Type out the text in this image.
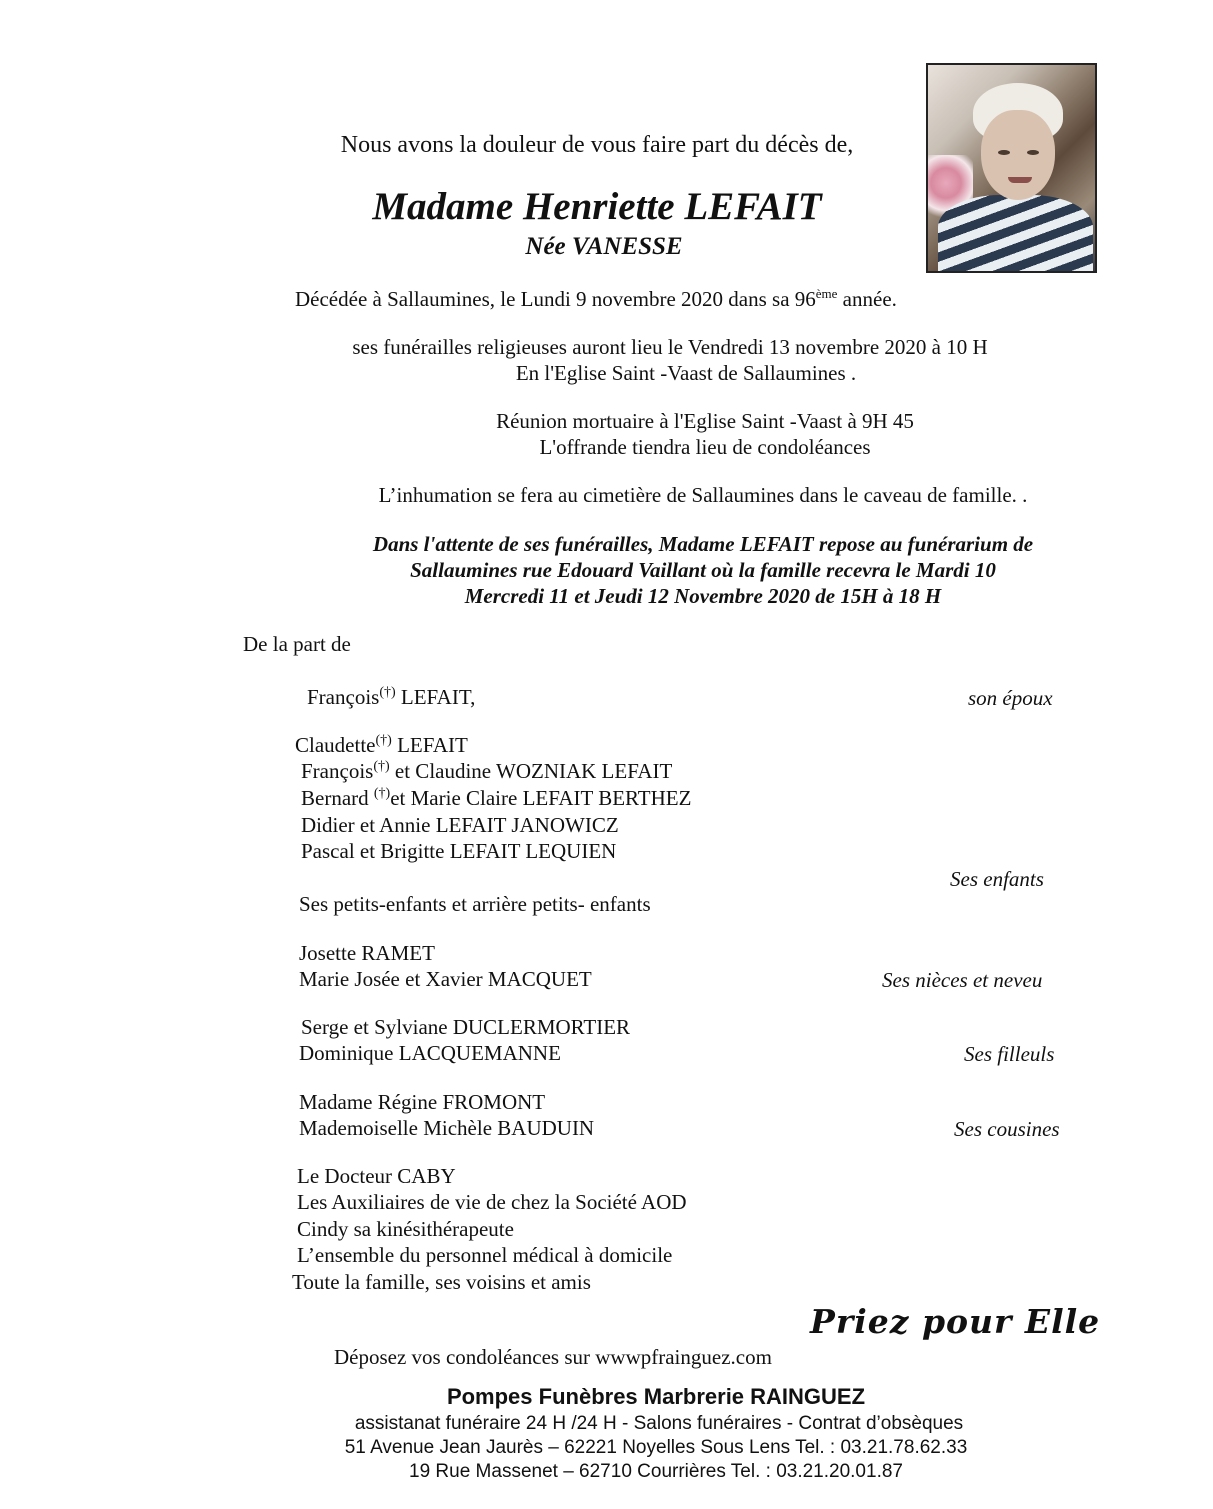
Nous avons la douleur de vous faire part du décès de,
Madame Henriette LEFAIT
Née VANESSE
Décédée à Sallaumines, le Lundi 9 novembre 2020 dans sa 96ème année.
ses funérailles religieuses auront lieu le Vendredi 13 novembre 2020 à 10 H
En l'Eglise Saint -Vaast de Sallaumines .
Réunion mortuaire à l'Eglise Saint -Vaast à 9H 45
L'offrande tiendra lieu de condoléances
L’inhumation se fera au cimetière de Sallaumines dans le caveau de famille. .
Dans l'attente de ses funérailles, Madame LEFAIT repose au funérarium de
Sallaumines rue Edouard Vaillant où la famille recevra le Mardi 10
Mercredi 11 et Jeudi 12 Novembre 2020 de 15H à 18 H
De la part de
François(†) LEFAIT,	son époux
Claudette(†) LEFAIT
François(†) et Claudine WOZNIAK LEFAIT
Bernard (†)et Marie Claire LEFAIT BERTHEZ
Didier et Annie LEFAIT JANOWICZ
Pascal et Brigitte LEFAIT LEQUIEN
Ses enfants
Ses petits-enfants et arrière petits- enfants
Josette RAMET
Marie Josée et Xavier MACQUET	Ses nièces et neveu
Serge et Sylviane DUCLERMORTIER
Dominique LACQUEMANNE	Ses filleuls
Madame Régine FROMONT
Mademoiselle Michèle BAUDUIN	Ses cousines
Le Docteur CABY
Les Auxiliaires de vie de chez la Société AOD
Cindy sa kinésithérapeute
L’ensemble du personnel médical à domicile
Toute la famille, ses voisins et amis
Priez pour Elle
Déposez vos condoléances sur wwwpfrainguez.com
Pompes Funèbres Marbrerie RAINGUEZ
assistanat funéraire 24 H /24 H - Salons funéraires - Contrat d’obsèques
51 Avenue Jean Jaurès – 62221 Noyelles Sous Lens Tel. : 03.21.78.62.33
19 Rue Massenet – 62710 Courrières Tel. : 03.21.20.01.87
